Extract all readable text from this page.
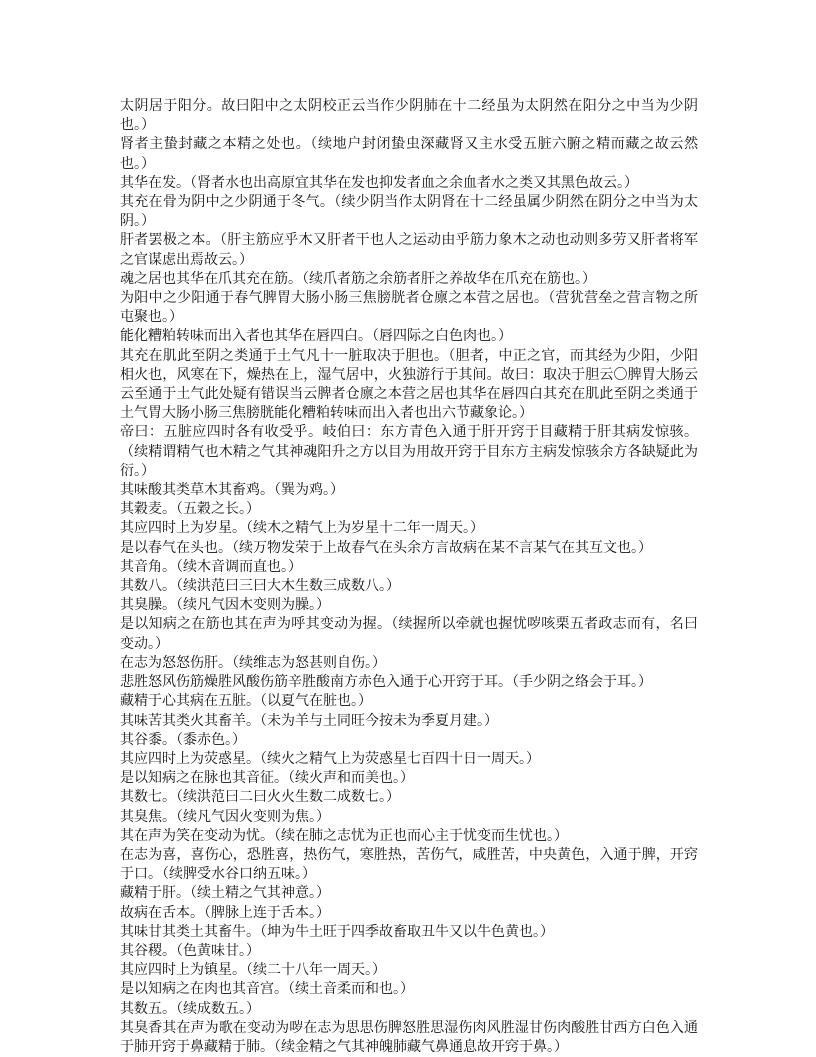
太阴居于阳分。故曰阳中之太阴校正云当作少阴肺在十二经虽为太阴然在阳分之中当为少阴也。）

肾者主蛰封藏之本精之处也。（续地户封闭蛰虫深藏肾又主水受五脏六腑之精而藏之故云然也。）

其华在发。（肾者水也出高原宜其华在发也抑发者血之余血者水之类又其黑色故云。）

其充在骨为阴中之少阴通于冬气。（续少阴当作太阴肾在十二经虽属少阴然在阴分之中当为太阴。）

肝者罢极之本。（肝主筋应乎木又肝者干也人之运动由乎筋力象木之动也动则多劳又肝者将军之官谋虑出焉故云。）

魂之居也其华在爪其充在筋。（续爪者筋之余筋者肝之养故华在爪充在筋也。）

为阳中之少阳通于春气脾胃大肠小肠三焦膀胱者仓廪之本营之居也。（营犹营垒之营言物之所屯聚也。）

能化糟粕转味而出入者也其华在唇四白。（唇四际之白色肉也。）

其充在肌此至阴之类通于土气凡十一脏取决于胆也。（胆者，中正之官，而其经为少阳，少阳相火也，风寒在下，燥热在上，湿气居中，火独游行于其间。故曰：取决于胆云〇脾胃大肠云云至通于土气此处疑有错误当云脾者仓廪之本营之居也其华在唇四白其充在肌此至阴之类通于土气胃大肠小肠三焦膀胱能化糟粕转味而出入者也出六节藏象论。）

帝曰：五脏应四时各有收受乎。岐伯曰：东方青色入通于肝开窍于目藏精于肝其病发惊骇。（续精谓精气也木精之气其神魂阳升之方以目为用故开窍于目东方主病发惊骇余方各缺疑此为衍。）

其味酸其类草木其畜鸡。（巽为鸡。）

其穀麦。（五穀之长。）

其应四时上为岁星。（续木之精气上为岁星十二年一周天。）

是以春气在头也。（续万物发荣于上故春气在头余方言故病在某不言某气在其互文也。）

其音角。（续木音调而直也。）

其数八。（续洪范曰三曰大木生数三成数八。）

其臭臊。（续凡气因木变则为臊。）

是以知病之在筋也其在声为呼其变动为握。（续握所以牵就也握忧哕咳栗五者政志而有，名曰变动。）

在志为怒怒伤肝。（续维志为怒甚则自伤。）

悲胜怒风伤筋燥胜风酸伤筋辛胜酸南方赤色入通于心开窍于耳。（手少阴之络会于耳。）

藏精于心其病在五脏。（以夏气在脏也。）

其味苦其类火其畜羊。（未为羊与土同旺今按未为季夏月建。）

其谷黍。（黍赤色。）

其应四时上为荧惑星。（续火之精气上为荧惑星七百四十日一周天。）

是以知病之在脉也其音征。（续火声和而美也。）

其数七。（续洪范曰二曰火火生数二成数七。）

其臭焦。（续凡气因火变则为焦。）

其在声为笑在变动为忧。（续在肺之志忧为正也而心主于忧变而生忧也。）

在志为喜，喜伤心，恐胜喜，热伤气，寒胜热，苦伤气，咸胜苦，中央黄色，入通于脾，开窍于口。（续脾受水谷口纳五味。）

藏精于肝。（续土精之气其神意。）

故病在舌本。（脾脉上连于舌本。）

其味甘其类土其畜牛。（坤为牛土旺于四季故畜取丑牛又以牛色黄也。）

其谷稷。（色黄味甘。）

其应四时上为镇星。（续二十八年一周天。）

是以知病之在肉也其音宫。（续土音柔而和也。）

其数五。（续成数五。）

其臭香其在声为歌在变动为哕在志为思思伤脾怒胜思湿伤肉风胜湿甘伤肉酸胜甘西方白色入通于肺开窍于鼻藏精于肺。（续金精之气其神魄肺藏气鼻通息故开窍于鼻。）
